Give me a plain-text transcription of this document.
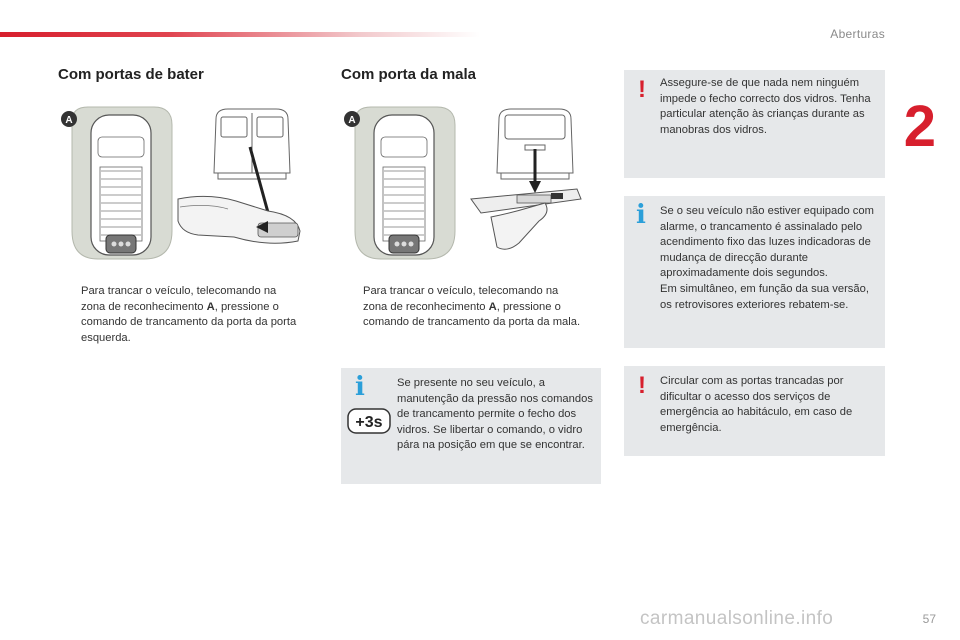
Aberturas
2
Com portas de bater
A
Para trancar o veículo, telecomando na zona de reconhecimento A, pressione o comando de trancamento da porta da porta esquerda.
Com porta da mala
A
Para trancar o veículo, telecomando na zona de reconhecimento A, pressione o comando de trancamento da porta da mala.
i
+3s
Se presente no seu veículo, a manutenção da pressão nos comandos de trancamento permite o fecho dos vidros. Se libertar o comando, o vidro pára na posição em que se encontrar.
! Assegure-se de que nada nem ninguém impede o fecho correcto dos vidros. Tenha particular atenção às crianças durante as manobras dos vidros.
i Se o seu veículo não estiver equipado com alarme, o trancamento é assinalado pelo acendimento fixo das luzes indicadoras de mudança de direcção durante aproximadamente dois segundos.
Em simultâneo, em função da sua versão, os retrovisores exteriores rebatem-se.
! Circular com as portas trancadas por dificultar o acesso dos serviços de emergência ao habitáculo, em caso de emergência.
57
carmanualsonline.info
